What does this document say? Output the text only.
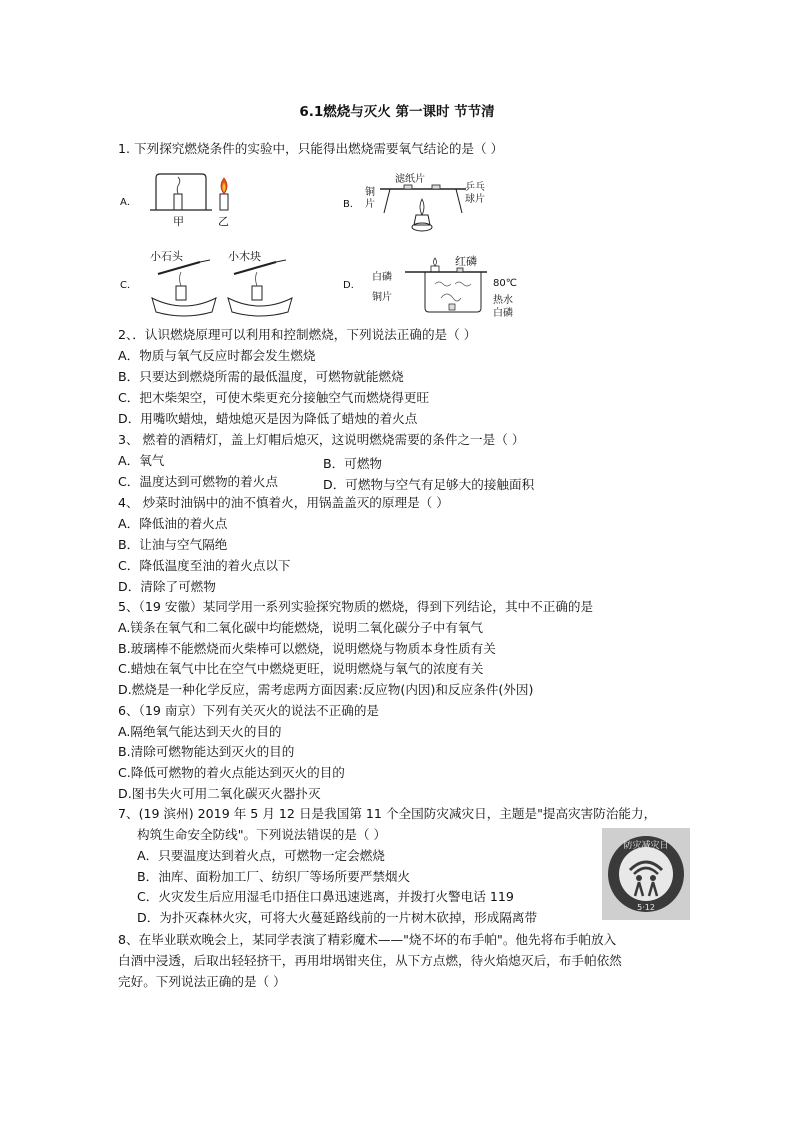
6.1燃烧与灭火 第一课时 节节清
1. 下列探究燃烧条件的实验中，只能得出燃烧需要氧气结论的是（ ）
A．
甲	乙
B．
滤纸片
铜
片
乒乓
球片
C．
小石头	小木块
D．
红磷
白磷
铜片
80℃
热水
白磷
2、．认识燃烧原理可以利用和控制燃烧，下列说法正确的是（ ）
A．物质与氧气反应时都会发生燃烧
B．只要达到燃烧所需的最低温度，可燃物就能燃烧
C．把木柴架空，可使木柴更充分接触空气而燃烧得更旺
D．用嘴吹蜡烛，蜡烛熄灭是因为降低了蜡烛的着火点
3、 燃着的酒精灯，盖上灯帽后熄灭，这说明燃烧需要的条件之一是（ ）
A．氧气	B．可燃物
C．温度达到可燃物的着火点	D．可燃物与空气有足够大的接触面积
4、 炒菜时油锅中的油不慎着火，用锅盖盖灭的原理是（ ）
A．降低油的着火点
B．让油与空气隔绝
C．降低温度至油的着火点以下
D．清除了可燃物
5、（19 安徽）某同学用一系列实验探究物质的燃烧，得到下列结论，其中不正确的是
A.镁条在氧气和二氧化碳中均能燃烧，说明二氧化碳分子中有氧气
B.玻璃棒不能燃烧而火柴棒可以燃烧，说明燃烧与物质本身性质有关
C.蜡烛在氧气中比在空气中燃烧更旺，说明燃烧与氧气的浓度有关
D.燃烧是一种化学反应，需考虑两方面因素:反应物(内因)和反应条件(外因)
6、（19 南京）下列有关灭火的说法不正确的是
A.隔绝氧气能达到天火的目的
B.清除可燃物能达到灭火的目的
C.降低可燃物的着火点能达到灭火的目的
D.图书失火可用二氧化碳灭火器扑灭
7、(19 滨州) 2019 年 5 月 12 日是我国第 11 个全国防灾减灾日，主题是"提高灾害防治能力，
构筑生命安全防线"。下列说法错误的是（ ）
A．只要温度达到着火点，可燃物一定会燃烧
B．油库、面粉加工厂、纺织厂等场所要严禁烟火
C．火灾发生后应用湿毛巾捂住口鼻迅速逃离，并拨打火警电话 119
D．为扑灭森林火灾，可将大火蔓延路线前的一片树木砍掉，形成隔离带
防灾减灾日
5·12
8、在毕业联欢晚会上，某同学表演了精彩魔术——"烧不坏的布手帕"。他先将布手帕放入
白酒中浸透，后取出轻轻挤干，再用坩埚钳夹住，从下方点燃，待火焰熄灭后，布手帕依然
完好。下列说法正确的是（ ）
